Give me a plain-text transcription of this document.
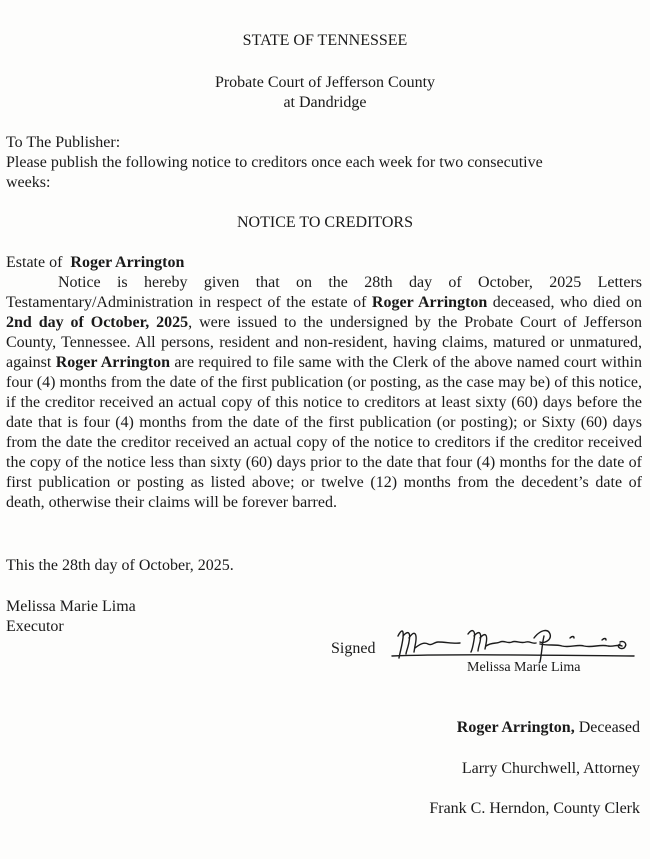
STATE OF TENNESSEE
Probate Court of Jefferson County
at Dandridge
To The Publisher:
Please publish the following notice to creditors once each week for two consecutive
weeks:
NOTICE TO CREDITORS
Estate of Roger Arrington

Notice is hereby given that on the 28th day of October, 2025 Letters Testamentary/Administration in respect of the estate of Roger Arrington deceased, who died on 2nd day of October, 2025, were issued to the undersigned by the Probate Court of Jefferson County, Tennessee. All persons, resident and non-resident, having claims, matured or unmatured, against Roger Arrington are required to file same with the Clerk of the above named court within four (4) months from the date of the first publication (or posting, as the case may be) of this notice, if the creditor received an actual copy of this notice to creditors at least sixty (60) days before the date that is four (4) months from the date of the first publication (or posting); or Sixty (60) days from the date the creditor received an actual copy of the notice to creditors if the creditor received the copy of the notice less than sixty (60) days prior to the date that four (4) months for the date of first publication or posting as listed above; or twelve (12) months from the decedent’s date of death, otherwise their claims will be forever barred.

This the 28th day of October, 2025.
Melissa Marie Lima
Executor
Signed
Melissa Marie Lima
Roger Arrington, Deceased
Larry Churchwell, Attorney
Frank C. Herndon, County Clerk
